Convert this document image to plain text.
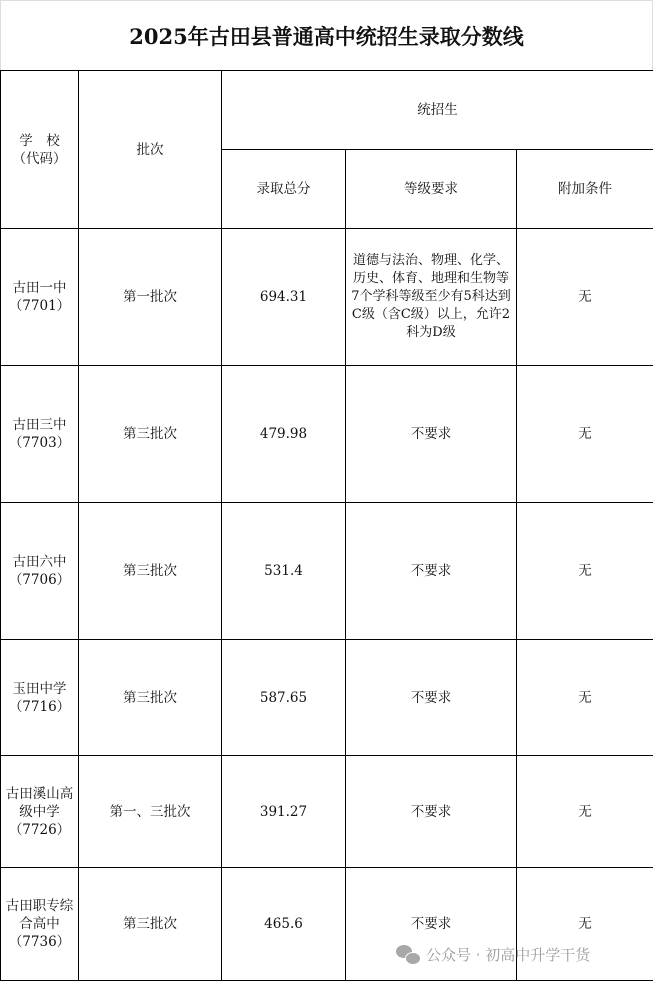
2025年古田县普通高中统招生录取分数线
学　校
（代码）	批次	统招生		
		录取总分	等级要求	附加条件

古田一中
（7701）	第一批次	694.31	道德与法治、物理、化学、历史、体育、地理和生物等7个学科等级至少有5科达到C级（含C级）以上，允许2科为D级	无

古田三中
（7703）	第三批次	479.98	不要求	无

古田六中
（7706）	第三批次	531.4	不要求	无

玉田中学
（7716）	第三批次	587.65	不要求	无

古田溪山高级中学
（7726）	第一、三批次	391.27	不要求	无

古田职专综合高中
（7736）	第三批次	465.6	不要求	无
公众号 · 初高中升学干货
